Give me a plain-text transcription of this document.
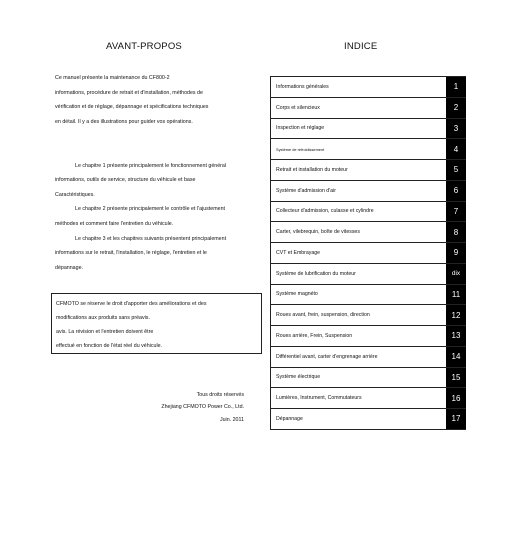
AVANT-PROPOS	INDICE

Ce manuel présente la maintenance du CF800-2

informations, procédure de retrait et d'installation, méthodes de

vérification et de réglage, dépannage et spécifications techniques

en détail. Il y a des illustrations pour guider vos opérations.

Le chapitre 1 présente principalement le fonctionnement général

informations, outils de service, structure du véhicule et base

Caractéristiques.

Le chapitre 2 présente principalement le contrôle et l'ajustement

méthodes et comment faire l'entretien du véhicule.

Le chapitre 3 et les chapitres suivants présentent principalement

informations sur le retrait, l'installation, le réglage, l'entretien et le

dépannage.

CFMOTO se réserve le droit d'apporter des améliorations et des

modifications aux produits sans préavis.

avis. La révision et l'entretien doivent être

effectué en fonction de l'état réel du véhicule.

Tous droits réservés
Zhejiang CFMOTO Power Co., Ltd.
Juin. 2011
Informations générales	1
Corps et silencieux	2
Inspection et réglage	3
Système de refroidissement	4
Retrait et installation du moteur	5
Système d'admission d'air	6
Collecteur d'admission, culasse et cylindre	7
Carter, vilebrequin, boîte de vitesses	8
CVT et Embrayage	9
Système de lubrification du moteur	dix
Système magnéto	11
Roues avant, frein, suspension, direction	12
Roues arrière, Frein, Suspension	13
Différentiel avant, carter d'engrenage arrière	14
Système électrique	15
Lumières, Instrument, Commutateurs	16
Dépannage	17
